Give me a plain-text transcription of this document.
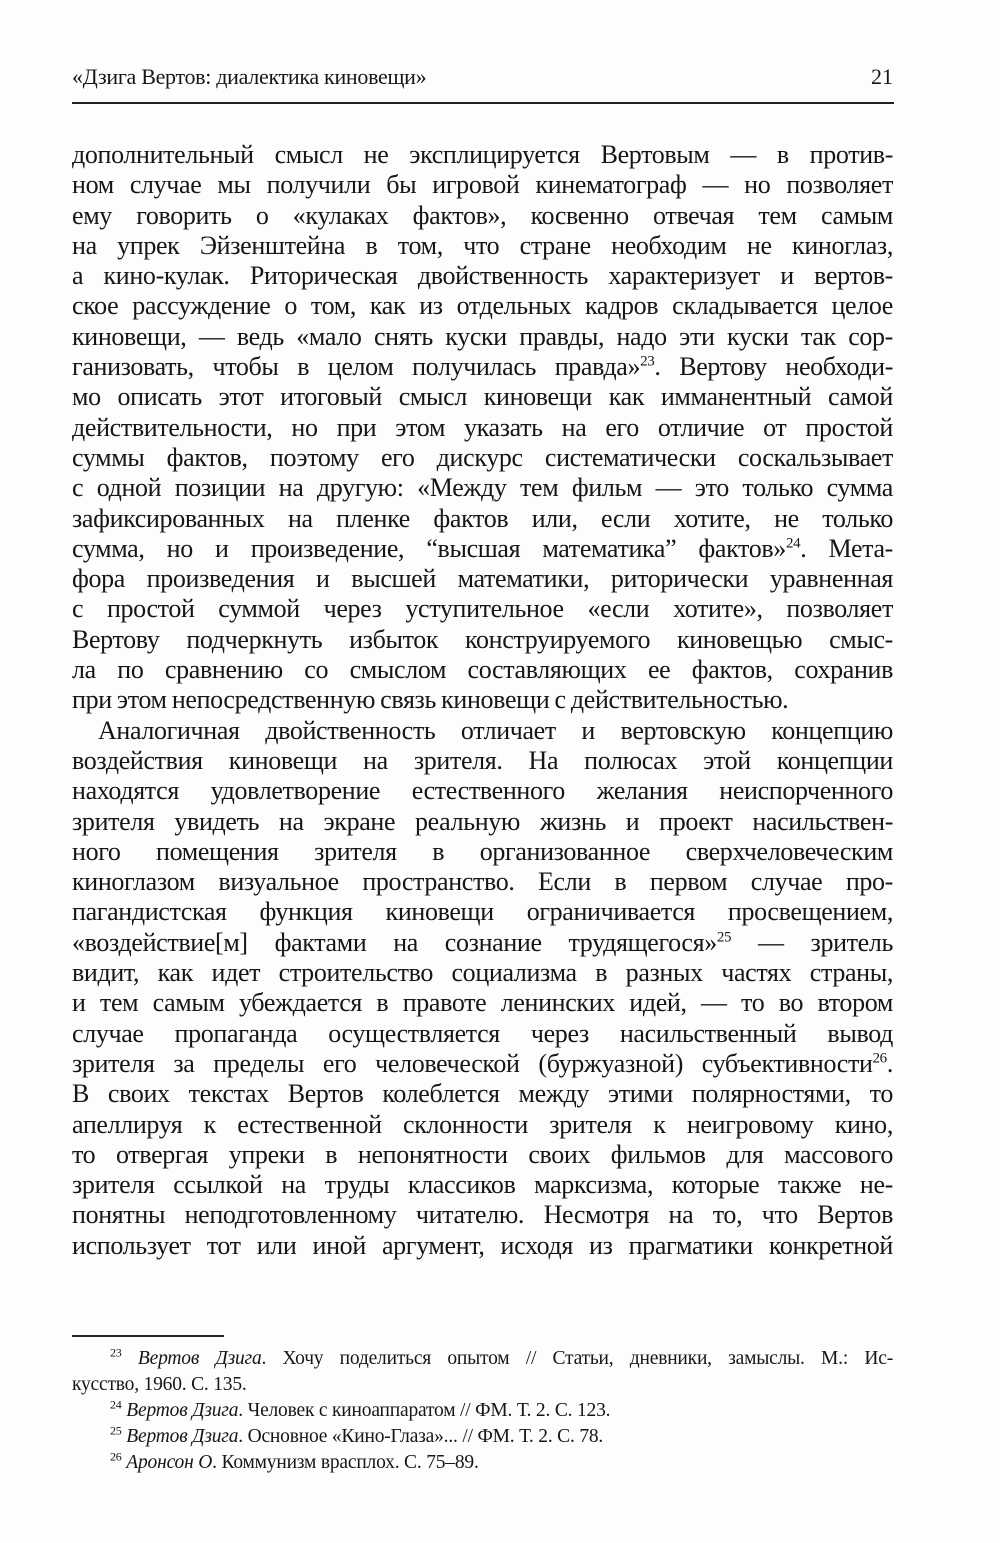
«Дзига Вертов: диалектика киновещи»	21
дополнительный смысл не эксплицируется Вертовым — в против-
ном случае мы получили бы игровой кинематограф — но позволяет
ему говорить о «кулаках фактов», косвенно отвечая тем самым
на упрек Эйзенштейна в том, что стране необходим не киноглаз,
а кино-кулак. Риторическая двойственность характеризует и вертов-
ское рассуждение о том, как из отдельных кадров складывается целое
киновещи, — ведь «мало снять куски правды, надо эти куски так сор-
ганизовать, чтобы в целом получилась правда»$^{23}$. Вертову необходи-
мо описать этот итоговый смысл киновещи как имманентный самой
действительности, но при этом указать на его отличие от простой
суммы фактов, поэтому его дискурс систематически соскальзывает
с одной позиции на другую: «Между тем фильм — это только сумма
зафиксированных на пленке фактов или, если хотите, не только
сумма, но и произведение, “высшая математика” фактов»$^{24}$. Мета-
фора произведения и высшей математики, риторически уравненная
с простой суммой через уступительное «если хотите», позволяет
Вертову подчеркнуть избыток конструируемого киновещью смыс-
ла по сравнению со смыслом составляющих ее фактов, сохранив
при этом непосредственную связь киновещи с действительностью.
Аналогичная двойственность отличает и вертовскую концепцию
воздействия киновещи на зрителя. На полюсах этой концепции
находятся удовлетворение естественного желания неиспорченного
зрителя увидеть на экране реальную жизнь и проект насильствен-
ного помещения зрителя в организованное сверхчеловеческим
киноглазом визуальное пространство. Если в первом случае про-
пагандистская функция киновещи ограничивается просвещением,
«воздействие[м] фактами на сознание трудящегося»$^{25}$ — зритель
видит, как идет строительство социализма в разных частях страны,
и тем самым убеждается в правоте ленинских идей, — то во втором
случае пропаганда осуществляется через насильственный вывод
зрителя за пределы его человеческой (буржуазной) субъективности$^{26}$.
В своих текстах Вертов колеблется между этими полярностями, то
апеллируя к естественной склонности зрителя к неигровому кино,
то отвергая упреки в непонятности своих фильмов для массового
зрителя ссылкой на труды классиков марксизма, которые также не-
понятны неподготовленному читателю. Несмотря на то, что Вертов
использует тот или иной аргумент, исходя из прагматики конкретной
$^{23}$ Вертов Дзига. Хочу поделиться опытом // Статьи, дневники, замыслы. М.: Ис-
кусство, 1960. С. 135.
$^{24}$ Вертов Дзига. Человек с киноаппаратом // ФМ. Т. 2. С. 123.
$^{25}$ Вертов Дзига. Основное «Кино-Глаза»... // ФМ. Т. 2. С. 78.
$^{26}$ Аронсон О. Коммунизм врасплох. С. 75–89.
